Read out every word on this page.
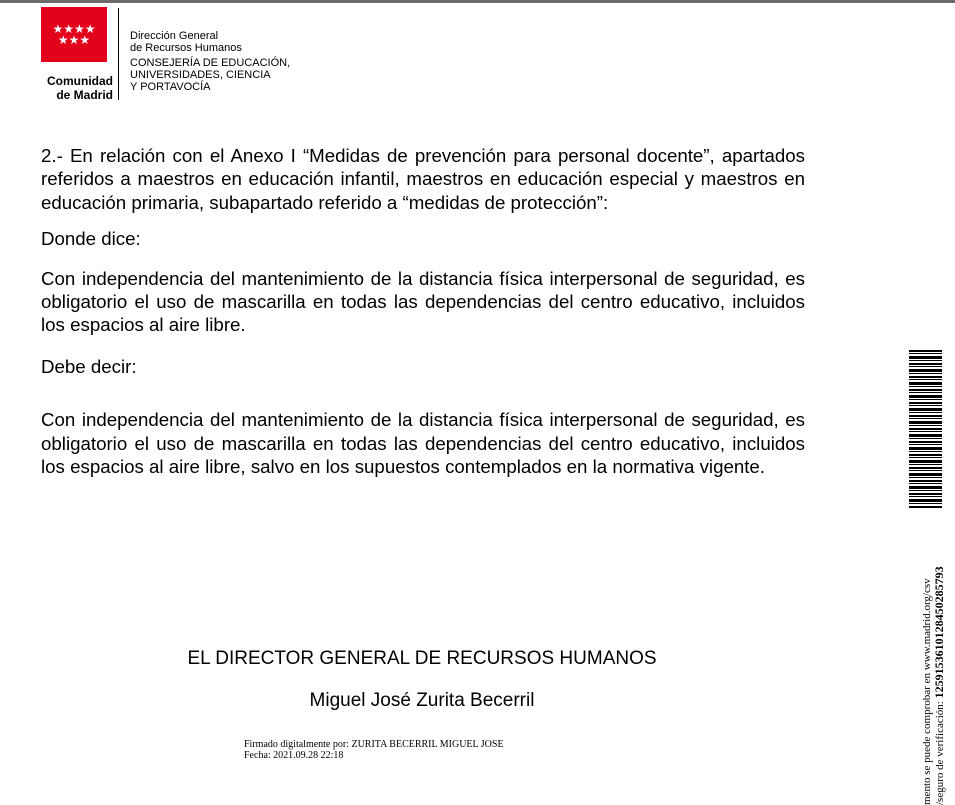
★★★★
★★★
Comunidad
de Madrid
Dirección General
de Recursos Humanos
CONSEJERÍA DE EDUCACIÓN,
UNIVERSIDADES, CIENCIA
Y PORTAVOCÍA

2.- En relación con el Anexo I “Medidas de prevención para personal docente”, apartados referidos a maestros en educación infantil, maestros en educación especial y maestros en educación primaria, subapartado referido a “medidas de protección”:

Donde dice:

Con independencia del mantenimiento de la distancia física interpersonal de seguridad, es obligatorio el uso de mascarilla en todas las dependencias del centro educativo, incluidos los espacios al aire libre.

Debe decir:

Con independencia del mantenimiento de la distancia física interpersonal de seguridad, es obligatorio el uso de mascarilla en todas las dependencias del centro educativo, incluidos los espacios al aire libre, salvo en los supuestos contemplados en la normativa vigente.

EL DIRECTOR GENERAL DE RECURSOS HUMANOS
Miguel José Zurita Becerril
Firmado digitalmente por: ZURITA BECERRIL MIGUEL JOSE
Fecha: 2021.09.28 22:18	mento se puede comprobar en www.madrid.org/csv /seguro de verificación: 1259153610128450285793
